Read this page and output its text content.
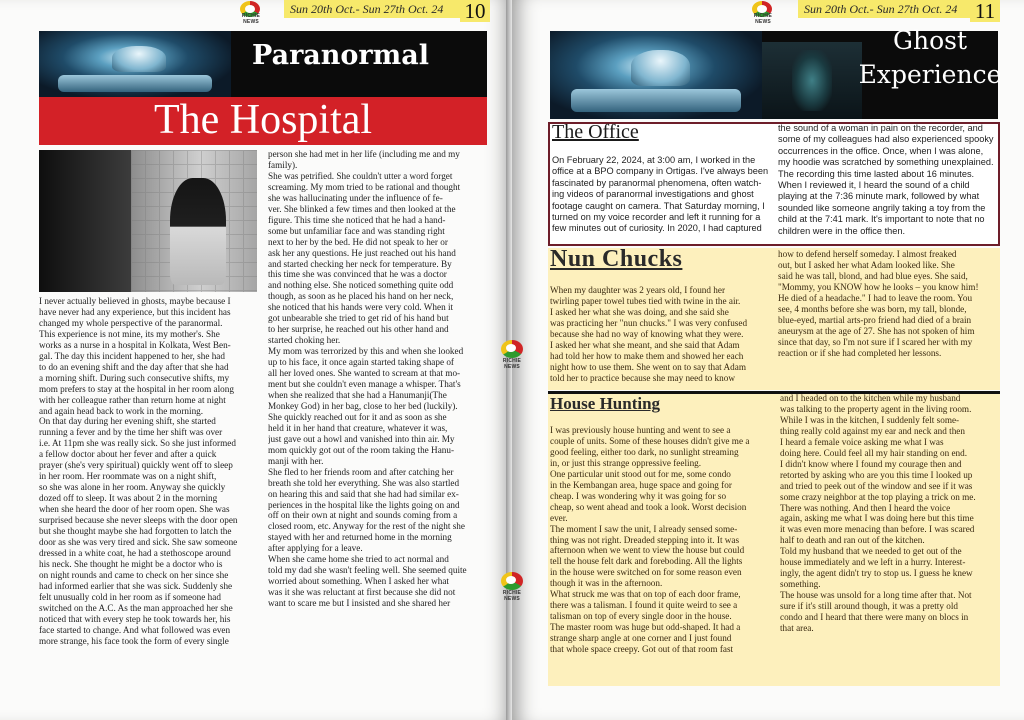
RICHIE NEWS
Sun 20th Oct.- Sun 27th Oct. 24	10
Paranormal
The Hospital
I never actually believed in ghosts, maybe because I
have never had any experience, but this incident has
changed my whole perspective of the paranormal.
This experience is not mine, its my mother's. She
works as a nurse in a hospital in Kolkata, West Ben-
gal. The day this incident happened to her, she had
to do an evening shift and the day after that she had
a morning shift. During such consecutive shifts, my
mom prefers to stay at the hospital in her room along
with her colleague rather than return home at night
and again head back to work in the morning.
On that day during her evening shift, she started
running a fever and by the time her shift was over
i.e. At 11pm she was really sick. So she just informed
a fellow doctor about her fever and after a quick
prayer (she's very spiritual) quickly went off to sleep
in her room. Her roommate was on a night shift,
so she was alone in her room. Anyway she quickly
dozed off to sleep. It was about 2 in the morning
when she heard the door of her room open. She was
surprised because she never sleeps with the door open
but she thought maybe she had forgotten to latch the
door as she was very tired and sick. She saw someone
dressed in a white coat, he had a stethoscope around
his neck. She thought he might be a doctor who is
on night rounds and came to check on her since she
had informed earlier that she was sick. Suddenly she
felt unusually cold in her room as if someone had
switched on the A.C. As the man approached her she
noticed that with every step he took towards her, his
face started to change. And what followed was even
more strange, his face took the form of every single
person she had met in her life (including me and my
family).
She was petrified. She couldn't utter a word forget
screaming. My mom tried to be rational and thought
she was hallucinating under the influence of fe-
ver. She blinked a few times and then looked at the
figure. This time she noticed that he had a hand-
some but unfamiliar face and was standing right
next to her by the bed. He did not speak to her or
ask her any questions. He just reached out his hand
and started checking her neck for temperature. By
this time she was convinced that he was a doctor
and nothing else. She noticed something quite odd
though, as soon as he placed his hand on her neck,
she noticed that his hands were very cold. When it
got unbearable she tried to get rid of his hand but
to her surprise, he reached out his other hand and
started choking her.
My mom was terrorized by this and when she looked
up to his face, it once again started taking shape of
all her loved ones. She wanted to scream at that mo-
ment but she couldn't even manage a whisper. That's
when she realized that she had a Hanumanji(The
Monkey God) in her bag, close to her bed (luckily).
She quickly reached out for it and as soon as she
held it in her hand that creature, whatever it was,
just gave out a howl and vanished into thin air. My
mom quickly got out of the room taking the Hanu-
manji with her.
She fled to her friends room and after catching her
breath she told her everything. She was also startled
on hearing this and said that she had had similar ex-
periences in the hospital like the lights going on and
off on their own at night and sounds coming from a
closed room, etc. Anyway for the rest of the night she
stayed with her and returned home in the morning
after applying for a leave.
When she came home she tried to act normal and
told my dad she wasn't feeling well. She seemed quite
worried about something. When I asked her what
was it she was reluctant at first because she did not
want to scare me but I insisted and she shared her
RICHIE NEWS
Sun 20th Oct.- Sun 27th Oct. 24 11
Ghost
Experience
The Office
On February 22, 2024, at 3:00 am, I worked in the
office at a BPO company in Ortigas. I've always been
fascinated by paranormal phenomena, often watch-
ing videos of paranormal investigations and ghost
footage caught on camera. That Saturday morning, I
turned on my voice recorder and left it running for a
few minutes out of curiosity. In 2020, I had captured
the sound of a woman in pain on the recorder, and
some of my colleagues had also experienced spooky
occurrences in the office. Once, when I was alone,
my hoodie was scratched by something unexplained.
The recording this time lasted about 16 minutes.
When I reviewed it, I heard the sound of a child
playing at the 7:36 minute mark, followed by what
sounded like someone angrily taking a toy from the
child at the 7:41 mark. It's important to note that no
children were in the office then.
Nun Chucks
When my daughter was 2 years old, I found her
twirling paper towel tubes tied with twine in the air.
I asked her what she was doing, and she said she
was practicing her "nun chucks." I was very confused
because she had no way of knowing what they were.
I asked her what she meant, and she said that Adam
had told her how to make them and showed her each
night how to use them. She went on to say that Adam
told her to practice because she may need to know
how to defend herself someday. I almost freaked
out, but I asked her what Adam looked like. She
said he was tall, blond, and had blue eyes. She said,
"Mommy, you KNOW how he looks – you know him!
He died of a headache." I had to leave the room. You
see, 4 months before she was born, my tall, blonde,
blue-eyed, martial arts-pro friend had died of a brain
aneurysm at the age of 27. She has not spoken of him
since that day, so I'm not sure if I scared her with my
reaction or if she had completed her lessons.
House Hunting
I was previously house hunting and went to see a
couple of units. Some of these houses didn't give me a
good feeling, either too dark, no sunlight streaming
in, or just this strange oppressive feeling.
One particular unit stood out for me, some condo
in the Kembangan area, huge space and going for
cheap. I was wondering why it was going for so
cheap, so went ahead and took a look. Worst decision
ever.
The moment I saw the unit, I already sensed some-
thing was not right. Dreaded stepping into it. It was
afternoon when we went to view the house but could
tell the house felt dark and foreboding. All the lights
in the house were switched on for some reason even
though it was in the afternoon.
What struck me was that on top of each door frame,
there was a talisman. I found it quite weird to see a
talisman on top of every single door in the house.
The master room was huge but odd-shaped. It had a
strange sharp angle at one corner and I just found
that whole space creepy. Got out of that room fast
and I headed on to the kitchen while my husband
was talking to the property agent in the living room.
While I was in the kitchen, I suddenly felt some-
thing really cold against my ear and neck and then
I heard a female voice asking me what I was
doing here. Could feel all my hair standing on end.
I didn't know where I found my courage then and
retorted by asking who are you this time I looked up
and tried to peek out of the window and see if it was
some crazy neighbor at the top playing a trick on me.
There was nothing. And then I heard the voice
again, asking me what I was doing here but this time
it was even more menacing than before. I was scared
half to death and ran out of the kitchen.
Told my husband that we needed to get out of the
house immediately and we left in a hurry. Interest-
ingly, the agent didn't try to stop us. I guess he knew
something.
The house was unsold for a long time after that. Not
sure if it's still around though, it was a pretty old
condo and I heard that there were many on blocs in
that area.
RICHIE NEWS
RICHIE NEWS
